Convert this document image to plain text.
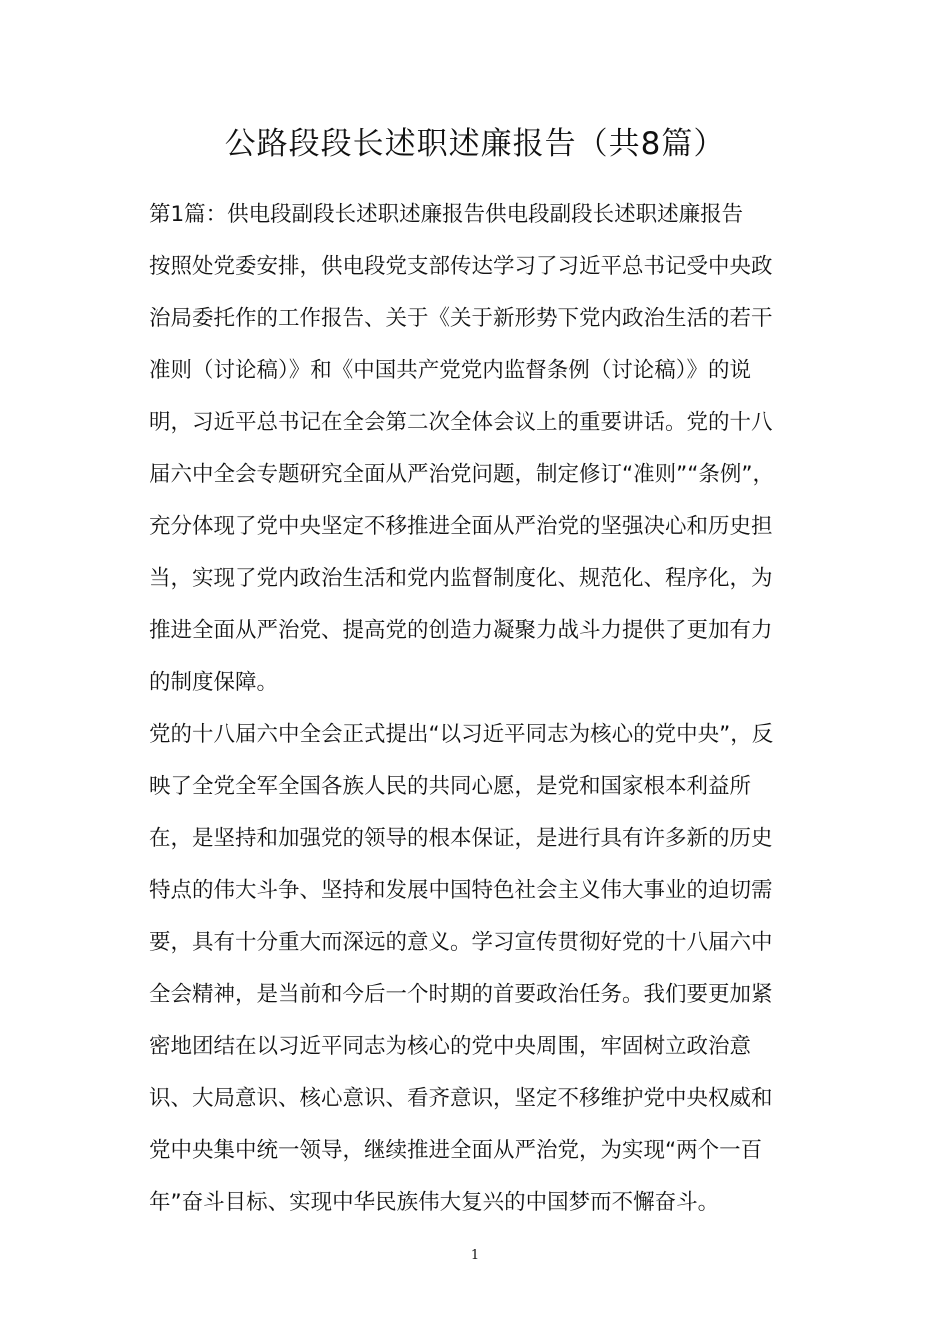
公路段段长述职述廉报告（共8篇）
第1篇：供电段副段长述职述廉报告供电段副段长述职述廉报告
按照处党委安排，供电段党支部传达学习了习近平总书记受中央政
治局委托作的工作报告、关于《关于新形势下党内政治生活的若干
准则（讨论稿）》和《中国共产党党内监督条例（讨论稿）》的说
明，习近平总书记在全会第二次全体会议上的重要讲话。党的十八
届六中全会专题研究全面从严治党问题，制定修订“准则”“条例”，
充分体现了党中央坚定不移推进全面从严治党的坚强决心和历史担
当，实现了党内政治生活和党内监督制度化、规范化、程序化，为
推进全面从严治党、提高党的创造力凝聚力战斗力提供了更加有力
的制度保障。
党的十八届六中全会正式提出“以习近平同志为核心的党中央”，反
映了全党全军全国各族人民的共同心愿，是党和国家根本利益所
在，是坚持和加强党的领导的根本保证，是进行具有许多新的历史
特点的伟大斗争、坚持和发展中国特色社会主义伟大事业的迫切需
要，具有十分重大而深远的意义。学习宣传贯彻好党的十八届六中
全会精神，是当前和今后一个时期的首要政治任务。我们要更加紧
密地团结在以习近平同志为核心的党中央周围，牢固树立政治意
识、大局意识、核心意识、看齐意识，坚定不移维护党中央权威和
党中央集中统一领导，继续推进全面从严治党，为实现“两个一百
年”奋斗目标、实现中华民族伟大复兴的中国梦而不懈奋斗。
1
